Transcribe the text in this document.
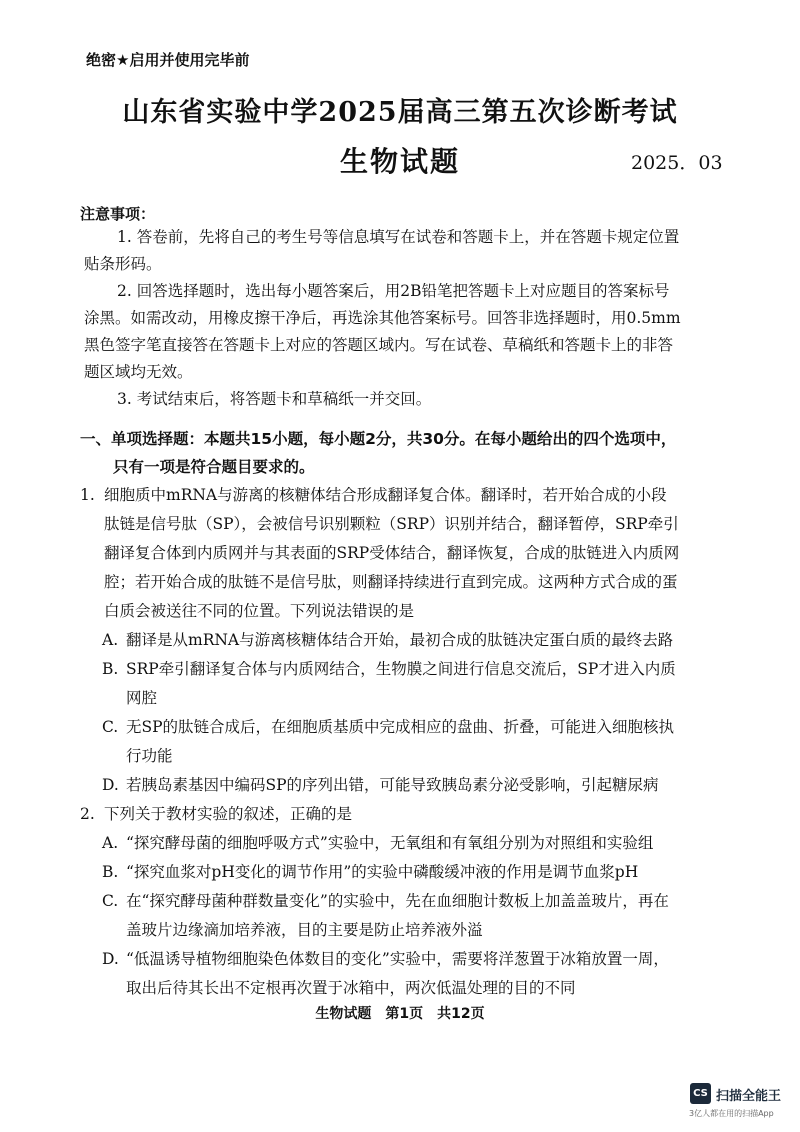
绝密★启用并使用完毕前
山东省实验中学2025届高三第五次诊断考试
生物试题	2025．03
注意事项：
1. 答卷前，先将自己的考生号等信息填写在试卷和答题卡上，并在答题卡规定位置
贴条形码。
2. 回答选择题时，选出每小题答案后，用2B铅笔把答题卡上对应题目的答案标号
涂黑。如需改动，用橡皮擦干净后，再选涂其他答案标号。回答非选择题时，用0.5mm
黑色签字笔直接答在答题卡上对应的答题区域内。写在试卷、草稿纸和答题卡上的非答
题区域均无效。
3. 考试结束后，将答题卡和草稿纸一并交回。
一、单项选择题：本题共15小题，每小题2分，共30分。在每小题给出的四个选项中，
只有一项是符合题目要求的。
1. 细胞质中mRNA与游离的核糖体结合形成翻译复合体。翻译时，若开始合成的小段
肽链是信号肽（SP），会被信号识别颗粒（SRP）识别并结合，翻译暂停，SRP牵引
翻译复合体到内质网并与其表面的SRP受体结合，翻译恢复，合成的肽链进入内质网
腔；若开始合成的肽链不是信号肽，则翻译持续进行直到完成。这两种方式合成的蛋
白质会被送往不同的位置。下列说法错误的是
A. 翻译是从mRNA与游离核糖体结合开始，最初合成的肽链决定蛋白质的最终去路
B. SRP牵引翻译复合体与内质网结合，生物膜之间进行信息交流后，SP才进入内质
网腔
C. 无SP的肽链合成后，在细胞质基质中完成相应的盘曲、折叠，可能进入细胞核执
行功能
D. 若胰岛素基因中编码SP的序列出错，可能导致胰岛素分泌受影响，引起糖尿病
2. 下列关于教材实验的叙述，正确的是
A. “探究酵母菌的细胞呼吸方式”实验中，无氧组和有氧组分别为对照组和实验组
B. “探究血浆对pH变化的调节作用”的实验中磷酸缓冲液的作用是调节血浆pH
C. 在“探究酵母菌种群数量变化”的实验中，先在血细胞计数板上加盖盖玻片，再在
盖玻片边缘滴加培养液，目的主要是防止培养液外溢
D. “低温诱导植物细胞染色体数目的变化”实验中，需要将洋葱置于冰箱放置一周，
取出后待其长出不定根再次置于冰箱中，两次低温处理的目的不同
生物试题　第1页　共12页
CS 扫描全能王
3亿人都在用的扫描App
